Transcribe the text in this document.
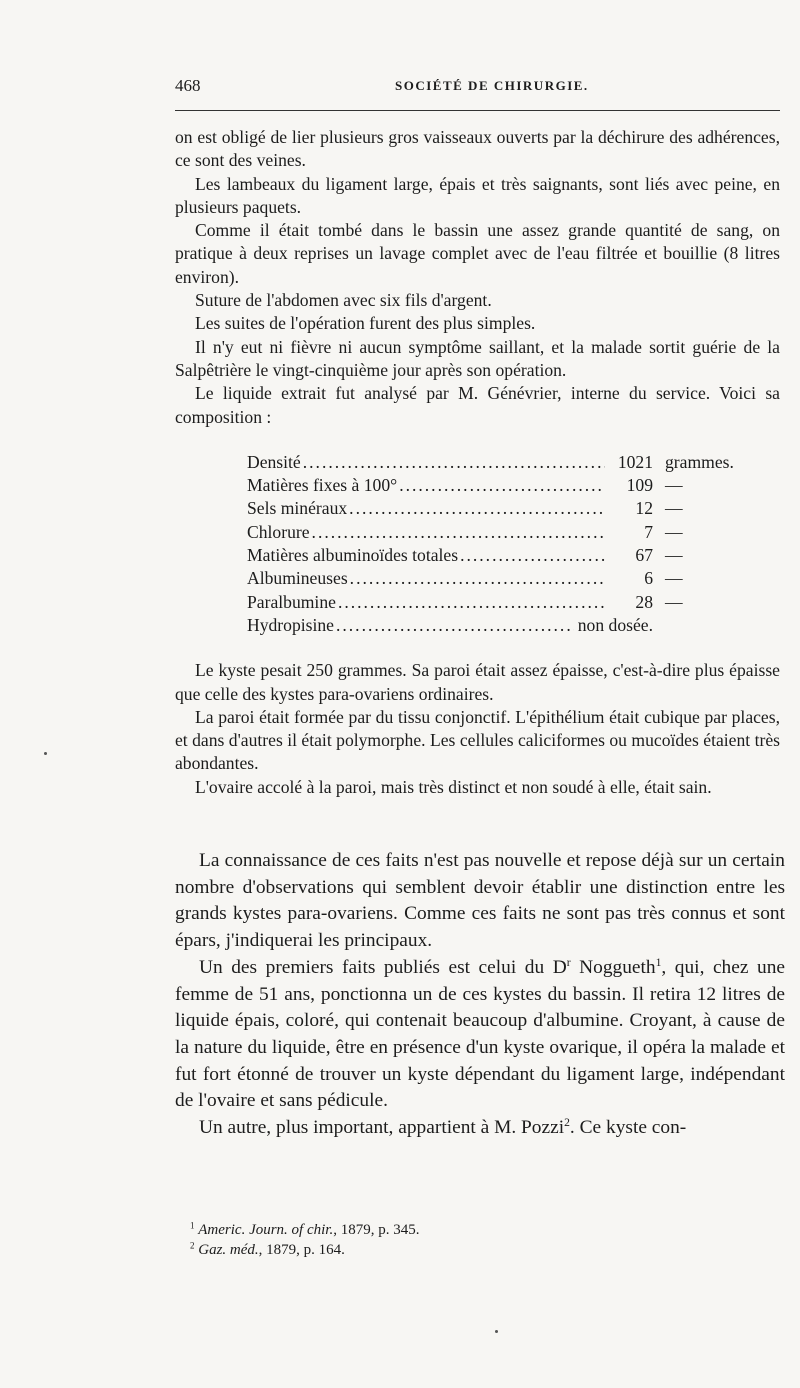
468	SOCIÉTÉ DE CHIRURGIE.

on est obligé de lier plusieurs gros vaisseaux ouverts par la déchirure des adhérences, ce sont des veines.

Les lambeaux du ligament large, épais et très saignants, sont liés avec peine, en plusieurs paquets.

Comme il était tombé dans le bassin une assez grande quantité de sang, on pratique à deux reprises un lavage complet avec de l'eau filtrée et bouillie (8 litres environ).

Suture de l'abdomen avec six fils d'argent.

Les suites de l'opération furent des plus simples.

Il n'y eut ni fièvre ni aucun symptôme saillant, et la malade sortit guérie de la Salpêtrière le vingt-cinquième jour après son opération.

Le liquide extrait fut analysé par M. Génévrier, interne du service. Voici sa composition :

Densité .....	1021 grammes.
Matières fixes à 100° .....	109 —
Sels minéraux .....	12 —
Chlorure .....	7 —
Matières albuminoïdes totales .....	67 —
Albumineuses .....	6 —
Paralbumine .....	28 —
Hydropisine .....	non dosée.

Le kyste pesait 250 grammes. Sa paroi était assez épaisse, c'est-à-dire plus épaisse que celle des kystes para-ovariens ordinaires.

La paroi était formée par du tissu conjonctif. L'épithélium était cubique par places, et dans d'autres il était polymorphe. Les cellules caliciformes ou mucoïdes étaient très abondantes.

L'ovaire accolé à la paroi, mais très distinct et non soudé à elle, était sain.

La connaissance de ces faits n'est pas nouvelle et repose déjà sur un certain nombre d'observations qui semblent devoir établir une distinction entre les grands kystes para-ovariens. Comme ces faits ne sont pas très connus et sont épars, j'indiquerai les principaux.

Un des premiers faits publiés est celui du $D^r$ Noggueth$^1$, qui, chez une femme de 51 ans, ponctionna un de ces kystes du bassin. Il retira 12 litres de liquide épais, coloré, qui contenait beaucoup d'albumine. Croyant, à cause de la nature du liquide, être en présence d'un kyste ovarique, il opéra la malade et fut fort étonné de trouver un kyste dépendant du ligament large, indépendant de l'ovaire et sans pédicule.

Un autre, plus important, appartient à M. Pozzi$^2$. Ce kyste con-

$^1$ Americ. Journ. of chir., 1879, p. 345.

$^2$ Gaz. méd., 1879, p. 164.
